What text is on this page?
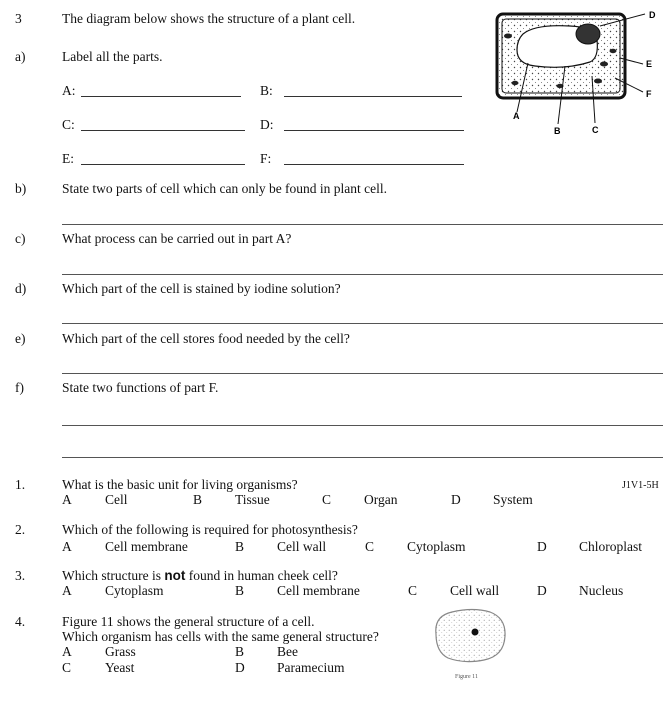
3	The diagram below shows the structure of a plant cell.
a)	Label all the parts.
A:	B:
C:	D:
E:	F:
D
E
F
A
B	C
b)	State two parts of cell which can only be found in plant cell.
c)	What process can be carried out in part A?
d)	Which part of the cell is stained by iodine solution?
e)	Which part of the cell stores food needed by the cell?
f)	State two functions of part F.
1.	What is the basic unit for living organisms?	J1V1-5H
A Cell	B Tissue	C Organ	D System
2.	Which of the following is required for photosynthesis?
A Cell membrane	B Cell wall	C Cytoplasm	D Chloroplast
3.	Which structure is not found in human cheek cell?
A Cytoplasm	B Cell membrane	C Cell wall	D Nucleus
4.	Figure 11 shows the general structure of a cell.
Which organism has cells with the same general structure?
A Grass	B Bee
C	Yeast	D Paramecium
Figure 11
